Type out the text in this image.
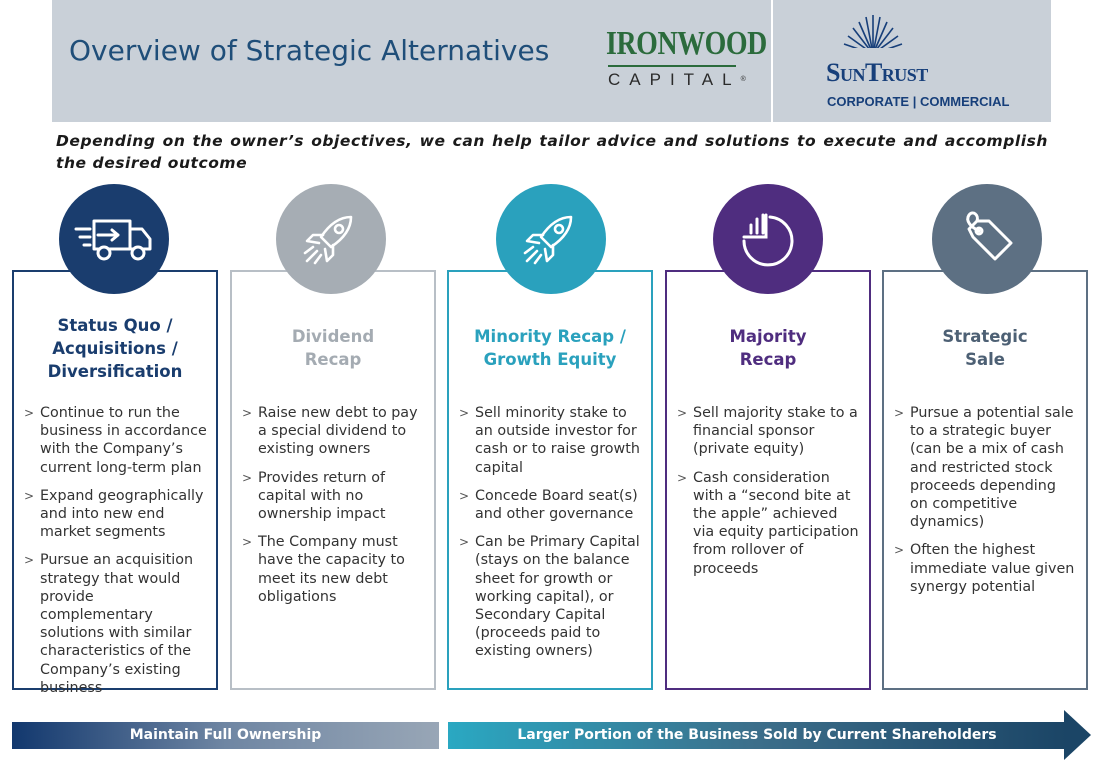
Overview of Strategic Alternatives IRONWOOD
CAPITAL®	SunTrust
CORPORATE | COMMERCIAL
Depending on the owner’s objectives, we can help tailor advice and solutions to execute and accomplish the desired outcome
Status Quo /
Acquisitions /
Diversification
> Continue to run the business in accordance with the Company’s current long-term plan
> Expand geographically and into new end market segments
> Pursue an acquisition strategy that would provide complementary solutions with similar characteristics of the Company’s existing business
Dividend
Recap
> Raise new debt to pay a special dividend to existing owners
> Provides return of capital with no ownership impact
> The Company must have the capacity to meet its new debt obligations
Minority Recap /
Growth Equity
> Sell minority stake to an outside investor for cash or to raise growth capital
> Concede Board seat(s) and other governance
> Can be Primary Capital (stays on the balance sheet for growth or working capital), or Secondary Capital (proceeds paid to existing owners)
Majority
Recap
> Sell majority stake to a financial sponsor (private equity)
> Cash consideration with a “second bite at the apple” achieved via equity participation from rollover of proceeds
Strategic
Sale
> Pursue a potential sale to a strategic buyer (can be a mix of cash and restricted stock proceeds depending on competitive dynamics)
> Often the highest immediate value given synergy potential
Maintain Full Ownership	Larger Portion of the Business Sold by Current Shareholders
